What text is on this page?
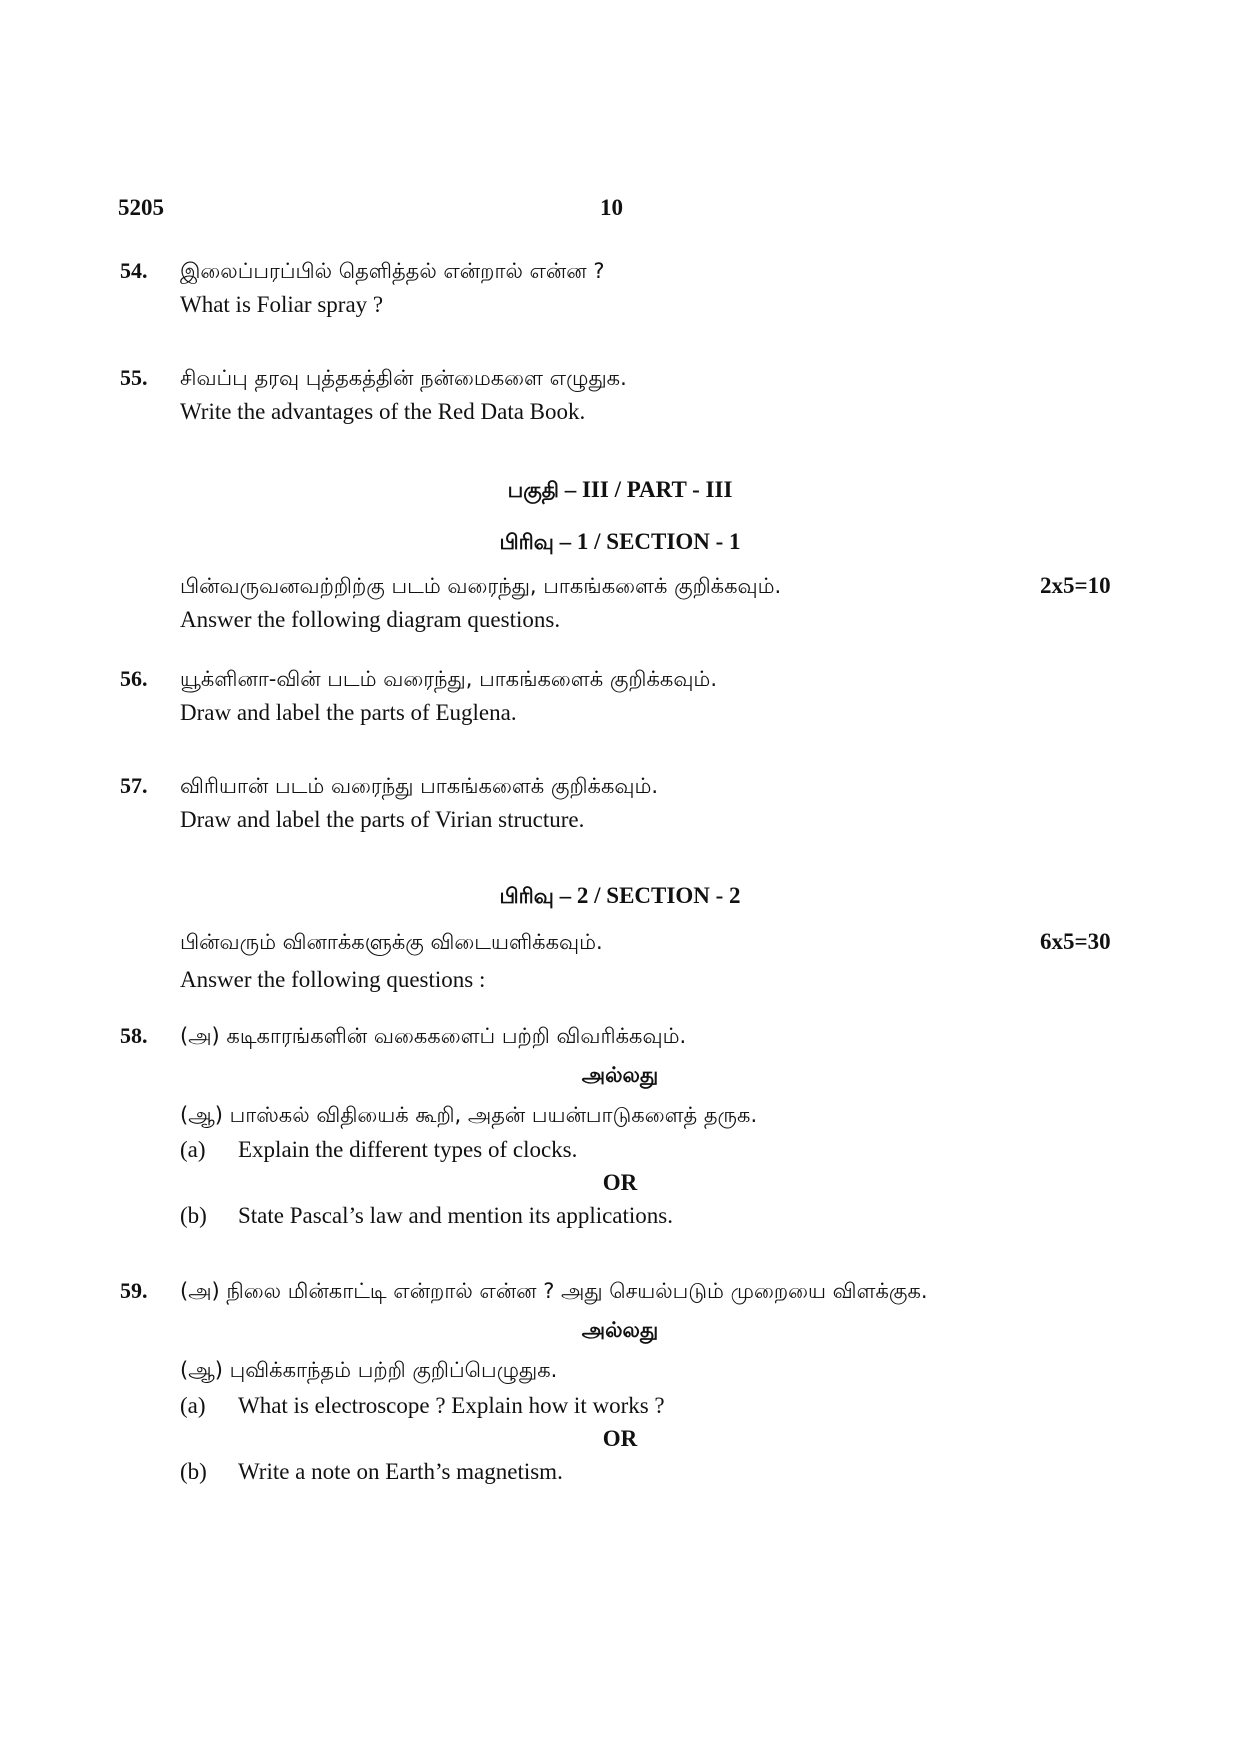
5205	10
54. இலைப்பரப்பில் தெளித்தல் என்றால் என்ன ?
What is Foliar spray ?
55. சிவப்பு தரவு புத்தகத்தின் நன்மைகளை எழுதுக.
Write the advantages of the Red Data Book.
பகுதி – III / PART - III
பிரிவு – 1 / SECTION - 1
பின்வருவனவற்றிற்கு படம் வரைந்து, பாகங்களைக் குறிக்கவும்.	2x5=10
Answer the following diagram questions.
56. யூக்ளினா-வின் படம் வரைந்து, பாகங்களைக் குறிக்கவும்.
Draw and label the parts of Euglena.
57. விரியான் படம் வரைந்து பாகங்களைக் குறிக்கவும்.
Draw and label the parts of Virian structure.
பிரிவு – 2 / SECTION - 2
பின்வரும் வினாக்களுக்கு விடையளிக்கவும்.	6x5=30
Answer the following questions :
58. (அ) கடிகாரங்களின் வகைகளைப் பற்றி விவரிக்கவும்.
அல்லது
(ஆ) பாஸ்கல் விதியைக் கூறி, அதன் பயன்பாடுகளைத் தருக.
(a) Explain the different types of clocks.
OR
(b) State Pascal’s law and mention its applications.
59. (அ) நிலை மின்காட்டி என்றால் என்ன ? அது செயல்படும் முறையை விளக்குக.
அல்லது
(ஆ) புவிக்காந்தம் பற்றி குறிப்பெழுதுக.
(a) What is electroscope ? Explain how it works ?
OR
(b) Write a note on Earth’s magnetism.
